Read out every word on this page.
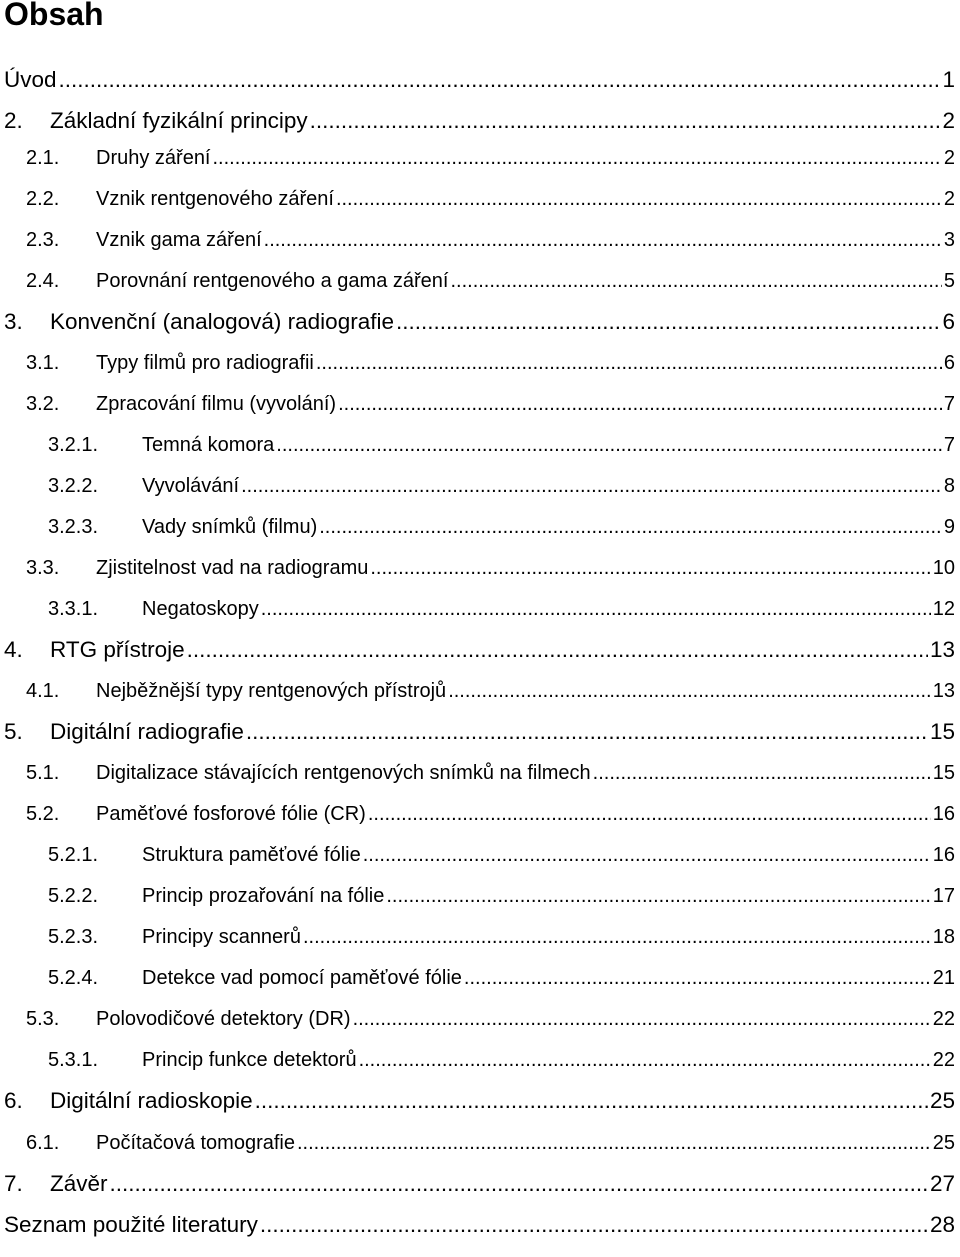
Obsah
Úvod .....	1
2.	Základní fyzikální principy .....	2
2.1.	Druhy záření .....	2
2.2.	Vznik rentgenového záření .....	2
2.3.	Vznik gama záření .....	3
2.4.	Porovnání rentgenového a gama záření .....	5
3.	Konvenční (analogová) radiografie .....	6
3.1.	Typy filmů pro radiografii .....	6
3.2.	Zpracování filmu (vyvolání) .....	7
3.2.1.	Temná komora .....	7
3.2.2.	Vyvolávání .....	8
3.2.3.	Vady snímků (filmu) .....	9
3.3.	Zjistitelnost vad na radiogramu .....	10
3.3.1.	Negatoskopy .....	12
4.	RTG přístroje .....	13
4.1.	Nejběžnější typy rentgenových přístrojů .....	13
5.	Digitální radiografie .....	15
5.1.	Digitalizace stávajících rentgenových snímků na filmech .....	15
5.2.	Paměťové fosforové fólie (CR) .....	16
5.2.1.	Struktura paměťové fólie .....	16
5.2.2.	Princip prozařování na fólie .....	17
5.2.3.	Principy scannerů .....	18
5.2.4.	Detekce vad pomocí paměťové fólie .....	21
5.3.	Polovodičové detektory (DR) .....	22
5.3.1.	Princip funkce detektorů .....	22
6.	Digitální radioskopie .....	25
6.1.	Počítačová tomografie .....	25
7.	Závěr .....	27
Seznam použité literatury .....	28
